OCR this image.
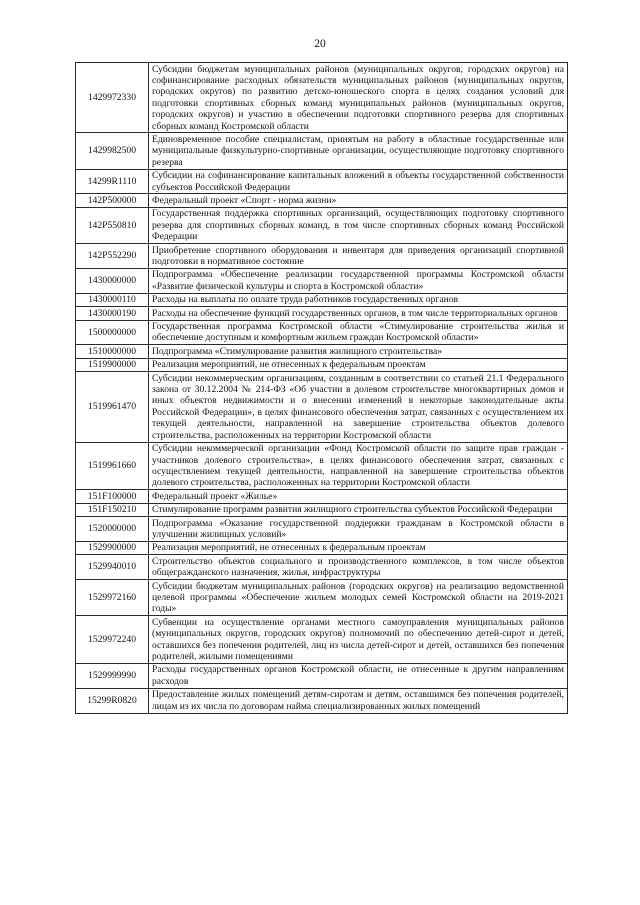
20
1429972330	Субсидии бюджетам муниципальных районов (муниципальных округов, городских округов) на софинансирование расходных обязательств муниципальных районов (муниципальных округов, городских округов) по развитию детско-юношеского спорта в целях создания условий для подготовки спортивных сборных команд муниципальных районов (муниципальных округов, городских округов) и участию в обеспечении подготовки спортивного резерва для спортивных сборных команд Костромской области
1429982500	Единовременное пособие специалистам, принятым на работу в областные государственные или муниципальные физкультурно-спортивные организации, осуществляющие подготовку спортивного резерва
14299R1110	Субсидии на софинансирование капитальных вложений в объекты государственной собственности субъектов Российской Федерации
142P500000	Федеральный проект «Спорт - норма жизни»
142P550810	Государственная поддержка спортивных организаций, осуществляющих подготовку спортивного резерва для спортивных сборных команд, в том числе спортивных сборных команд Российской Федерации
142P552290	Приобретение спортивного оборудования и инвентаря для приведения организаций спортивной подготовки в нормативное состояние
1430000000	Подпрограмма «Обеспечение реализации государственной программы Костромской области «Развитие физической культуры и спорта в Костромской области»
1430000110	Расходы на выплаты по оплате труда работников государственных органов
1430000190	Расходы на обеспечение функций государственных органов, в том числе территориальных органов
1500000000	Государственная программа Костромской области «Стимулирование строительства жилья и обеспечение доступным и комфортным жильем граждан Костромской области»
1510000000	Подпрограмма «Стимулирование развития жилищного строительства»
1519900000	Реализация мероприятий, не отнесенных к федеральным проектам
1519961470	Субсидии некоммерческим организациям, созданным в соответствии со статьей 21.1 Федерального закона от 30.12.2004 № 214-ФЗ «Об участии в долевом строительстве многоквартирных домов и иных объектов недвижимости и о внесении изменений в некоторые законодательные акты Российской Федерации», в целях финансового обеспечения затрат, связанных с осуществлением их текущей деятельности, направленной на завершение строительства объектов долевого строительства, расположенных на территории Костромской области
1519961660	Субсидии некоммерческой организации «Фонд Костромской области по защите прав граждан - участников долевого строительства», в целях финансового обеспечения затрат, связанных с осуществлением текущей деятельности, направленной на завершение строительства объектов долевого строительства, расположенных на территории Костромской области
151F100000	Федеральный проект «Жилье»
151F150210	Стимулирование программ развития жилищного строительства субъектов Российской Федерации
1520000000	Подпрограмма «Оказание государственной поддержки гражданам в Костромской области в улучшении жилищных условий»
1529900000	Реализация мероприятий, не отнесенных к федеральным проектам
1529940010	Строительство объектов социального и производственного комплексов, в том числе объектов общегражданского назначения, жилья, инфраструктуры
1529972160	Субсидии бюджетам муниципальных районов (городских округов) на реализацию ведомственной целевой программы «Обеспечение жильем молодых семей Костромской области на 2019-2021 годы»
1529972240	Субвенции на осуществление органами местного самоуправления муниципальных районов (муниципальных округов, городских округов) полномочий по обеспечению детей-сирот и детей, оставшихся без попечения родителей, лиц из числа детей-сирот и детей, оставшихся без попечения родителей, жилыми помещениями
1529999990	Расходы государственных органов Костромской области, не отнесенные к другим направлениям расходов
15299R0820	Предоставление жилых помещений детям-сиротам и детям, оставшимся без попечения родителей, лицам из их числа по договорам найма специализированных жилых помещений
